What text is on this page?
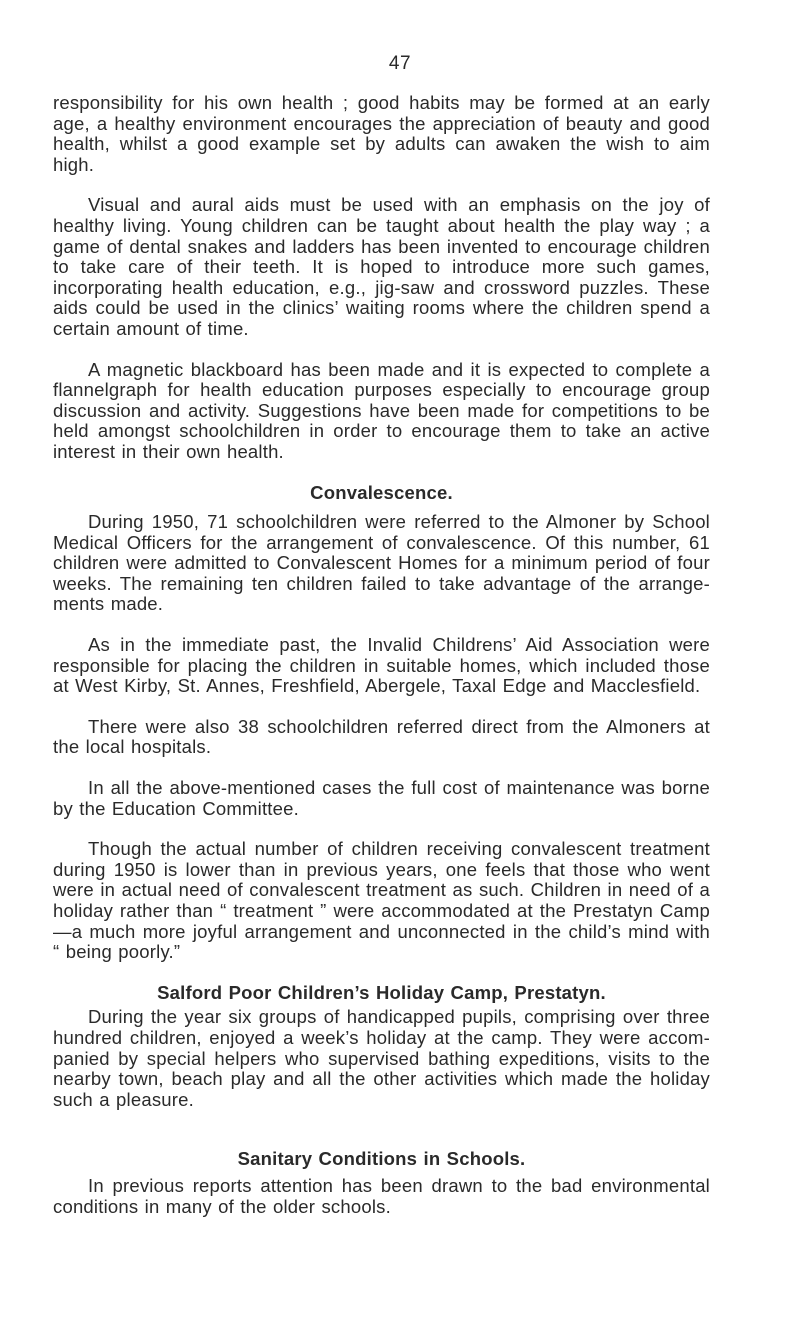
47

responsibility for his own health ; good habits may be formed at an early age, a healthy environment encourages the appreciation of beauty and good health, whilst a good example set by adults can awaken the wish to aim high.

Visual and aural aids must be used with an emphasis on the joy of healthy living. Young children can be taught about health the play way ; a game of dental snakes and ladders has been invented to encourage children to take care of their teeth. It is hoped to introduce more such games, incorporating health education, e.g., jig-saw and crossword puzzles. These aids could be used in the clinics’ waiting rooms where the children spend a certain amount of time.

A magnetic blackboard has been made and it is expected to complete a flannelgraph for health education purposes especially to encourage group discussion and activity. Suggestions have been made for competitions to be held amongst schoolchildren in order to encourage them to take an active interest in their own health.

Convalescence.

During 1950, 71 schoolchildren were referred to the Almoner by School Medical Officers for the arrangement of convalescence. Of this number, 61 children were admitted to Convalescent Homes for a minimum period of four weeks. The remaining ten children failed to take advantage of the arrange- ments made.

As in the immediate past, the Invalid Childrens’ Aid Association were responsible for placing the children in suitable homes, which included those at West Kirby, St. Annes, Freshfield, Abergele, Taxal Edge and Macclesfield.

There were also 38 schoolchildren referred direct from the Almoners at the local hospitals.

In all the above-mentioned cases the full cost of maintenance was borne by the Education Committee.

Though the actual number of children receiving convalescent treatment during 1950 is lower than in previous years, one feels that those who went were in actual need of convalescent treatment as such. Children in need of a holiday rather than “ treatment ” were accommodated at the Prestatyn Camp—a much more joyful arrangement and unconnected in the child’s mind with “ being poorly.”

Salford Poor Children’s Holiday Camp, Prestatyn.

During the year six groups of handicapped pupils, comprising over three hundred children, enjoyed a week’s holiday at the camp. They were accom- panied by special helpers who supervised bathing expeditions, visits to the nearby town, beach play and all the other activities which made the holiday such a pleasure.

Sanitary Conditions in Schools.

In previous reports attention has been drawn to the bad environmental conditions in many of the older schools.
